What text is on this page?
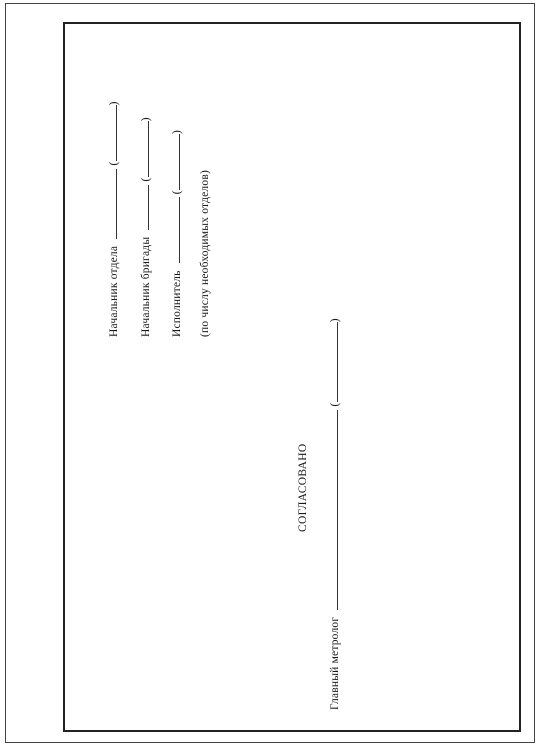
Начальник отдела  ()
Начальник бригады  ()
Исполнитель  ()
(по числу необходимых отделов)
СОГЛАСОВАНО
Главный метролог  ()
